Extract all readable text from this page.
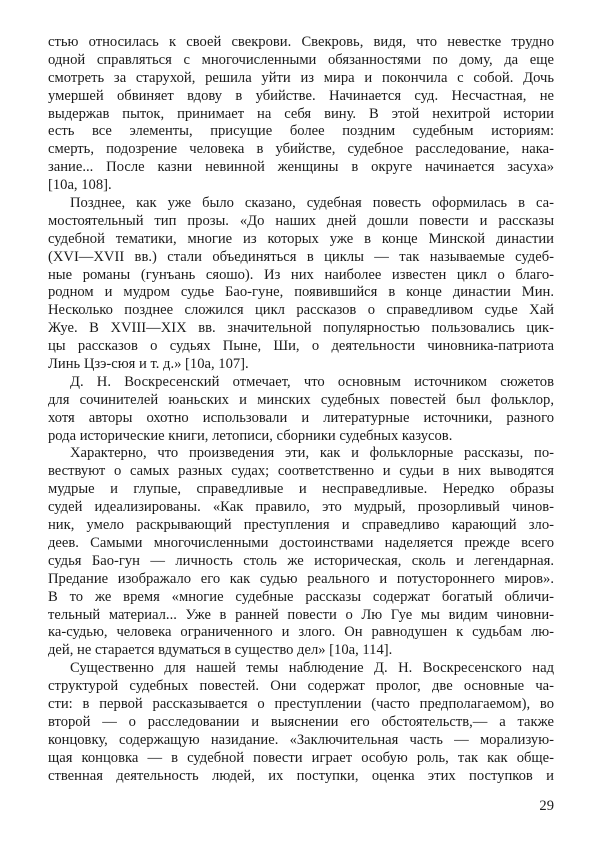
стью относилась к своей свекрови. Свекровь, видя, что невестке трудно
одной справляться с многочисленными обязанностями по дому, да еще
смотреть за старухой, решила уйти из мира и покончила с собой. Дочь
умершей обвиняет вдову в убийстве. Начинается суд. Несчастная, не
выдержав пыток, принимает на себя вину. В этой нехитрой истории
есть все элементы, присущие более поздним судебным историям:
смерть, подозрение человека в убийстве, судебное расследование, нака-
зание... После казни невинной женщины в округе начинается засуха»
[10а, 108].
Позднее, как уже было сказано, судебная повесть оформилась в са-
мостоятельный тип прозы. «До наших дней дошли повести и рассказы
судебной тематики, многие из которых уже в конце Минской династии
(XVI—XVII вв.) стали объединяться в циклы — так называемые судеб-
ные романы (гунъань сяошо). Из них наиболее известен цикл о благо-
родном и мудром судье Бао-гуне, появившийся в конце династии Мин.
Несколько позднее сложился цикл рассказов о справедливом судье Хай
Жуе. В XVIII—XIX вв. значительной популярностью пользовались цик-
цы рассказов о судьях Пыне, Ши, о деятельности чиновника-патриота
Линь Цзэ-сюя и т. д.» [10а, 107].
Д. Н. Воскресенский отмечает, что основным источником сюжетов
для сочинителей юаньских и минских судебных повестей был фольклор,
хотя авторы охотно использовали и литературные источники, разного
рода исторические книги, летописи, сборники судебных казусов.
Характерно, что произведения эти, как и фольклорные рассказы, по-
вествуют о самых разных судах; соответственно и судьи в них выводятся
мудрые и глупые, справедливые и несправедливые. Нередко образы
судей идеализированы. «Как правило, это мудрый, прозорливый чинов-
ник, умело раскрывающий преступления и справедливо карающий зло-
деев. Самыми многочисленными достоинствами наделяется прежде всего
судья Бао-гун — личность столь же историческая, сколь и легендарная.
Предание изображало его как судью реального и потустороннего миров».
В то же время «многие судебные рассказы содержат богатый обличи-
тельный материал... Уже в ранней повести о Лю Гуе мы видим чиновни-
ка-судью, человека ограниченного и злого. Он равнодушен к судьбам лю-
дей, не старается вдуматься в существо дел» [10а, 114].
Существенно для нашей темы наблюдение Д. Н. Воскресенского над
структурой судебных повестей. Они содержат пролог, две основные ча-
сти: в первой рассказывается о преступлении (часто предполагаемом), во
второй — о расследовании и выяснении его обстоятельств,— а также
концовку, содержащую назидание. «Заключительная часть — морализую-
щая концовка — в судебной повести играет особую роль, так как обще-
ственная деятельность людей, их поступки, оценка этих поступков и
29
